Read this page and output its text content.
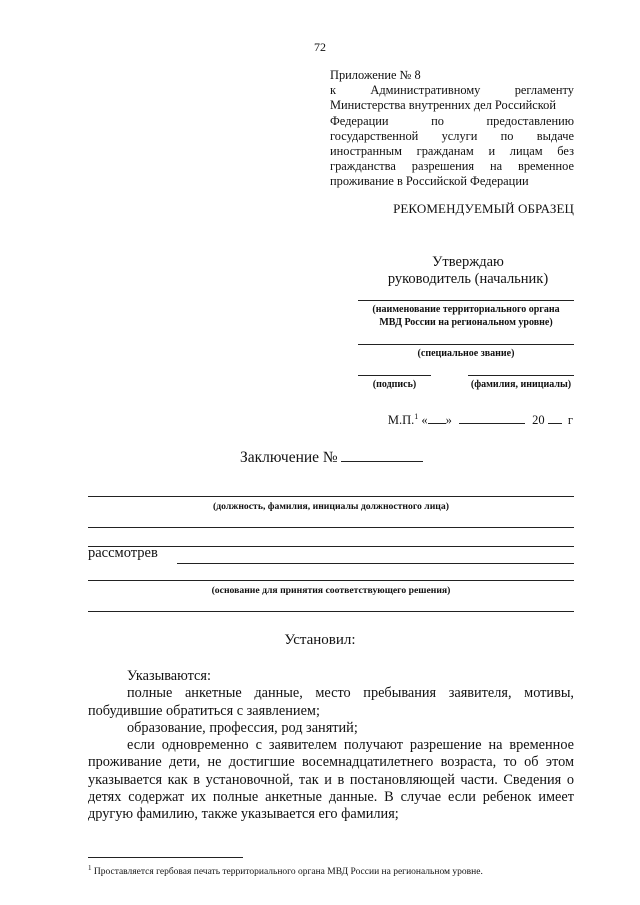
72
Приложение № 8
к	Административному	регламенту
Министерства внутренних дел Российской
Федерации	по	предоставлению
государственной услуги по выдаче
иностранным гражданам и лицам без
гражданства разрешения на временное
проживание в Российской Федерации
РЕКОМЕНДУЕМЫЙ ОБРАЗЕЦ
Утверждаю
руководитель (начальник)
(наименование территориального органа
МВД России на региональном уровне)
(специальное звание)
(подпись)	(фамилия, инициалы)
М.П.$^1$ « »	20 г
Заключение №
(должность, фамилия, инициалы должностного лица)
рассмотрев
(основание для принятия соответствующего решения)
Установил:

Указываются:

полные анкетные данные, место пребывания заявителя, мотивы, побудившие обратиться с заявлением;

образование, профессия, род занятий;

если одновременно с заявителем получают разрешение на временное проживание дети, не достигшие восемнадцатилетнего возраста, то об этом указывается как в установочной, так и в постановляющей части. Сведения о детях содержат их полные анкетные данные. В случае если ребенок имеет другую фамилию, также указывается его фамилия;

$^1$ Проставляется гербовая печать территориального органа МВД России на региональном уровне.
